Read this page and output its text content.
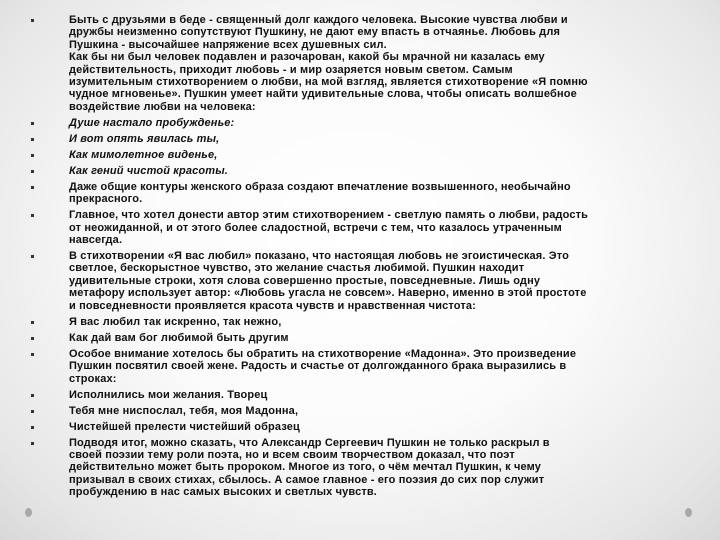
Быть с друзьями в беде - священный долг каждого человека. Высокие чувства любви и
дружбы неизменно сопутствуют Пушкину, не дают ему впасть в отчаянье. Любовь для
Пушкина - высочайшее напряжение всех душевных сил.
Как бы ни был человек подавлен и разочарован, какой бы мрачной ни казалась ему
действительность, приходит любовь - и мир озаряется новым светом. Самым
изумительным стихотворением о любви, на мой взгляд, является стихотворение «Я помню
чудное мгновенье». Пушкин умеет найти удивительные слова, чтобы описать волшебное
воздействие любви на человека:
Душе настало пробужденье:
И вот опять явилась ты,
Как мимолетное виденье,
Как гений чистой красоты.
Даже общие контуры женского образа создают впечатление возвышенного, необычайно
прекрасного.
Главное, что хотел донести автор этим стихотворением - светлую память о любви, радость
от неожиданной, и от этого более сладостной, встречи с тем, что казалось утраченным
навсегда.
В стихотворении «Я вас любил» показано, что настоящая любовь не эгоистическая. Это
светлое, бескорыстное чувство, это желание счастья любимой. Пушкин находит
удивительные строки, хотя слова совершенно простые, повседневные. Лишь одну
метафору использует автор: «Любовь угасла не совсем». Наверно, именно в этой простоте
и повседневности проявляется красота чувств и нравственная чистота:
Я вас любил так искренно, так нежно,
Как дай вам бог любимой быть другим
Особое внимание хотелось бы обратить на стихотворение «Мадонна». Это произведение
Пушкин посвятил своей жене. Радость и счастье от долгожданного брака выразились в
строках:
Исполнились мои желания. Творец
Тебя мне ниспослал, тебя, моя Мадонна,
Чистейшей прелести чистейший образец
Подводя итог, можно сказать, что Александр Сергеевич Пушкин не только раскрыл в
своей поэзии тему роли поэта, но и всем своим творчеством доказал, что поэт
действительно может быть пророком. Многое из того, о чём мечтал Пушкин, к чему
призывал в своих стихах, сбылось. А самое главное - его поэзия до сих пор служит
пробуждению в нас самых высоких и светлых чувств.
